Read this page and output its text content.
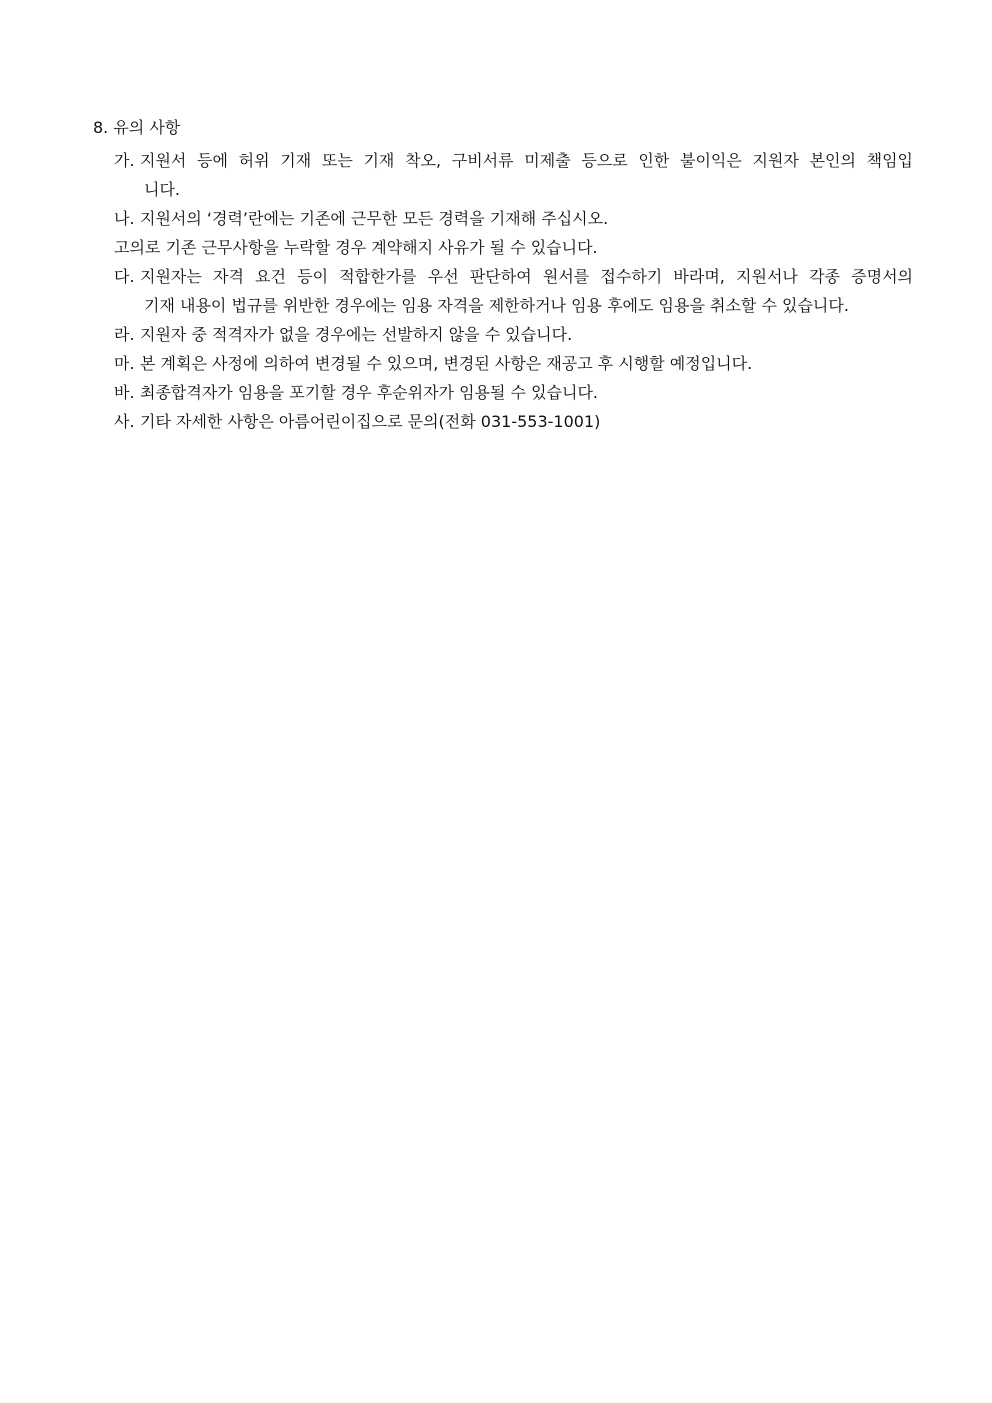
8. 유의 사항
가. 지원서 등에 허위 기재 또는 기재 착오, 구비서류 미제출 등으로 인한 불이익은 지원자 본인의 책임입
니다.
나. 지원서의 ‘경력’란에는 기존에 근무한 모든 경력을 기재해 주십시오.
고의로 기존 근무사항을 누락할 경우 계약해지 사유가 될 수 있습니다.
다. 지원자는 자격 요건 등이 적합한가를 우선 판단하여 원서를 접수하기 바라며, 지원서나 각종 증명서의
기재 내용이 법규를 위반한 경우에는 임용 자격을 제한하거나 임용 후에도 임용을 취소할 수 있습니다.
라. 지원자 중 적격자가 없을 경우에는 선발하지 않을 수 있습니다.
마. 본 계획은 사정에 의하여 변경될 수 있으며, 변경된 사항은 재공고 후 시행할 예정입니다.
바. 최종합격자가 임용을 포기할 경우 후순위자가 임용될 수 있습니다.
사. 기타 자세한 사항은 아름어린이집으로 문의(전화 031-553-1001)
